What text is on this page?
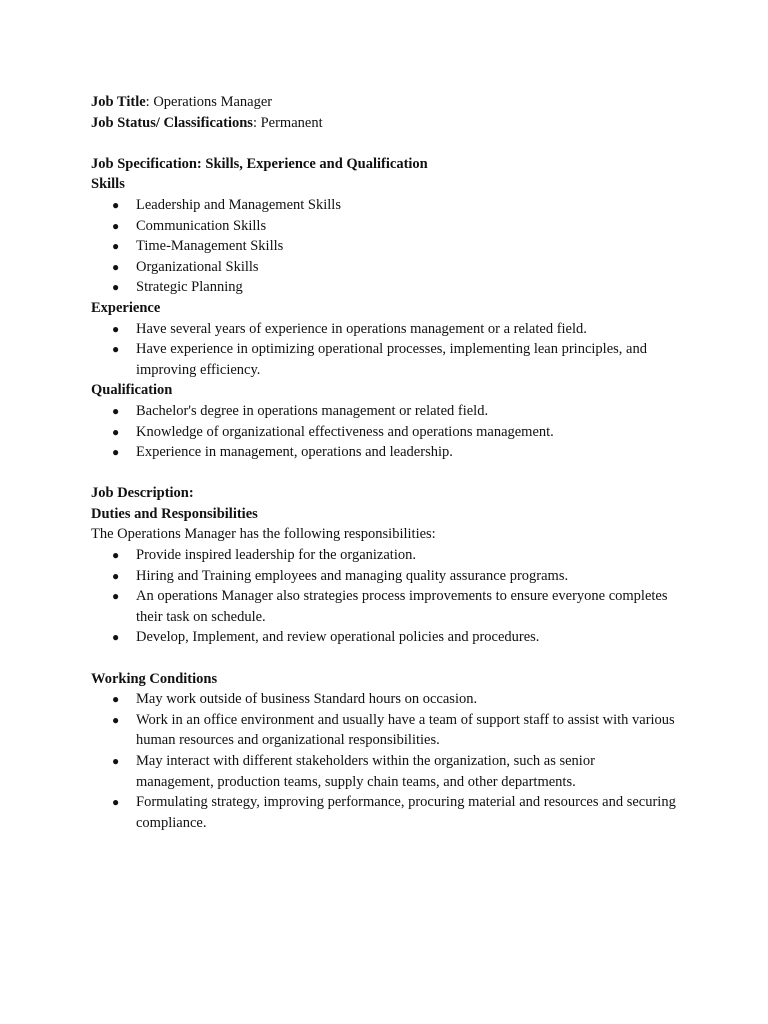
Job Title: Operations Manager

Job Status/ Classifications: Permanent

Job Specification: Skills, Experience and Qualification

Skills

● Leadership and Management Skills
● Communication Skills
● Time-Management Skills
● Organizational Skills
● Strategic Planning

Experience

● Have several years of experience in operations management or a related field.
● Have experience in optimizing operational processes, implementing lean principles, and improving efficiency.

Qualification

● Bachelor's degree in operations management or related field.
● Knowledge of organizational effectiveness and operations management.
● Experience in management, operations and leadership.

Job Description:

Duties and Responsibilities

The Operations Manager has the following responsibilities:

● Provide inspired leadership for the organization.
● Hiring and Training employees and managing quality assurance programs.
● An operations Manager also strategies process improvements to ensure everyone completes their task on schedule.
● Develop, Implement, and review operational policies and procedures.

Working Conditions

● May work outside of business Standard hours on occasion.
● Work in an office environment and usually have a team of support staff to assist with various human resources and organizational responsibilities.
● May interact with different stakeholders within the organization, such as senior management, production teams, supply chain teams, and other departments.
● Formulating strategy, improving performance, procuring material and resources and securing compliance.
